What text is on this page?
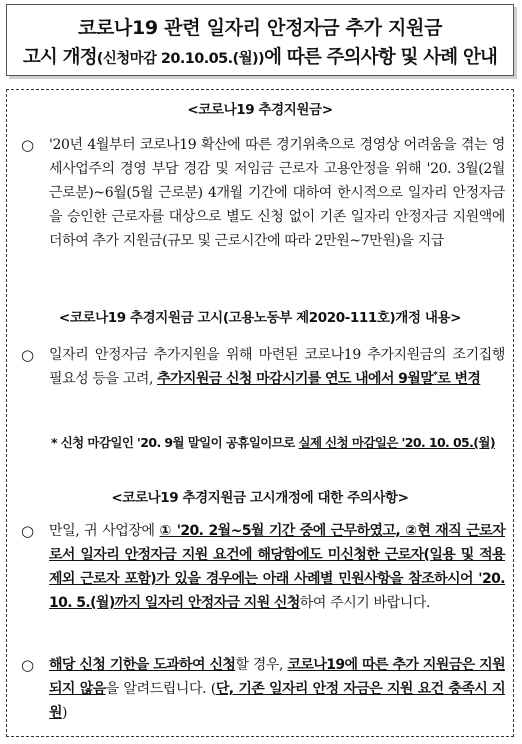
코로나19 관련 일자리 안정자금 추가 지원금
고시 개정(신청마감 20.10.05.(월))에 따른 주의사항 및 사례 안내
<코로나19 추경지원금>
○ '20년 4월부터 코로나19 확산에 따른 경기위축으로 경영상 어려움을 겪는 영세사업주의 경영 부담 경감 및 저임금 근로자 고용안정을 위해 '20. 3월(2월 근로분)~6월(5월 근로분) 4개월 기간에 대하여 한시적으로 일자리 안정자금을 승인한 근로자를 대상으로 별도 신청 없이 기존 일자리 안정자금 지원액에 더하여 추가 지원금(규모 및 근로시간에 따라 2만원~7만원)을 지급
<코로나19 추경지원금 고시(고용노동부 제2020-111호)개정 내용>
○ 일자리 안정자금 추가지원을 위해 마련된 코로나19 추가지원금의 조기집행 필요성 등을 고려, 추가지원금 신청 마감시기를 연도 내에서 9월말*로 변경
* 신청 마감일인 '20. 9월 말일이 공휴일이므로 실제 신청 마감일은 '20. 10. 05.(월)
<코로나19 추경지원금 고시개정에 대한 주의사항>
○ 만일, 귀 사업장에 ① '20. 2월~5월 기간 중에 근무하였고, ②현 재직 근로자로서 일자리 안정자금 지원 요건에 해당함에도 미신청한 근로자(일용 및 적용제외 근로자 포함)가 있을 경우에는 아래 사례별 민원사항을 참조하시어 '20. 10. 5.(월)까지 일자리 안정자금 지원 신청하여 주시기 바랍니다.
○ 해당 신청 기한을 도과하여 신청할 경우, 코로나19에 따른 추가 지원금은 지원되지 않음을 알려드립니다. (단, 기존 일자리 안정 자금은 지원 요건 충족시 지원)
